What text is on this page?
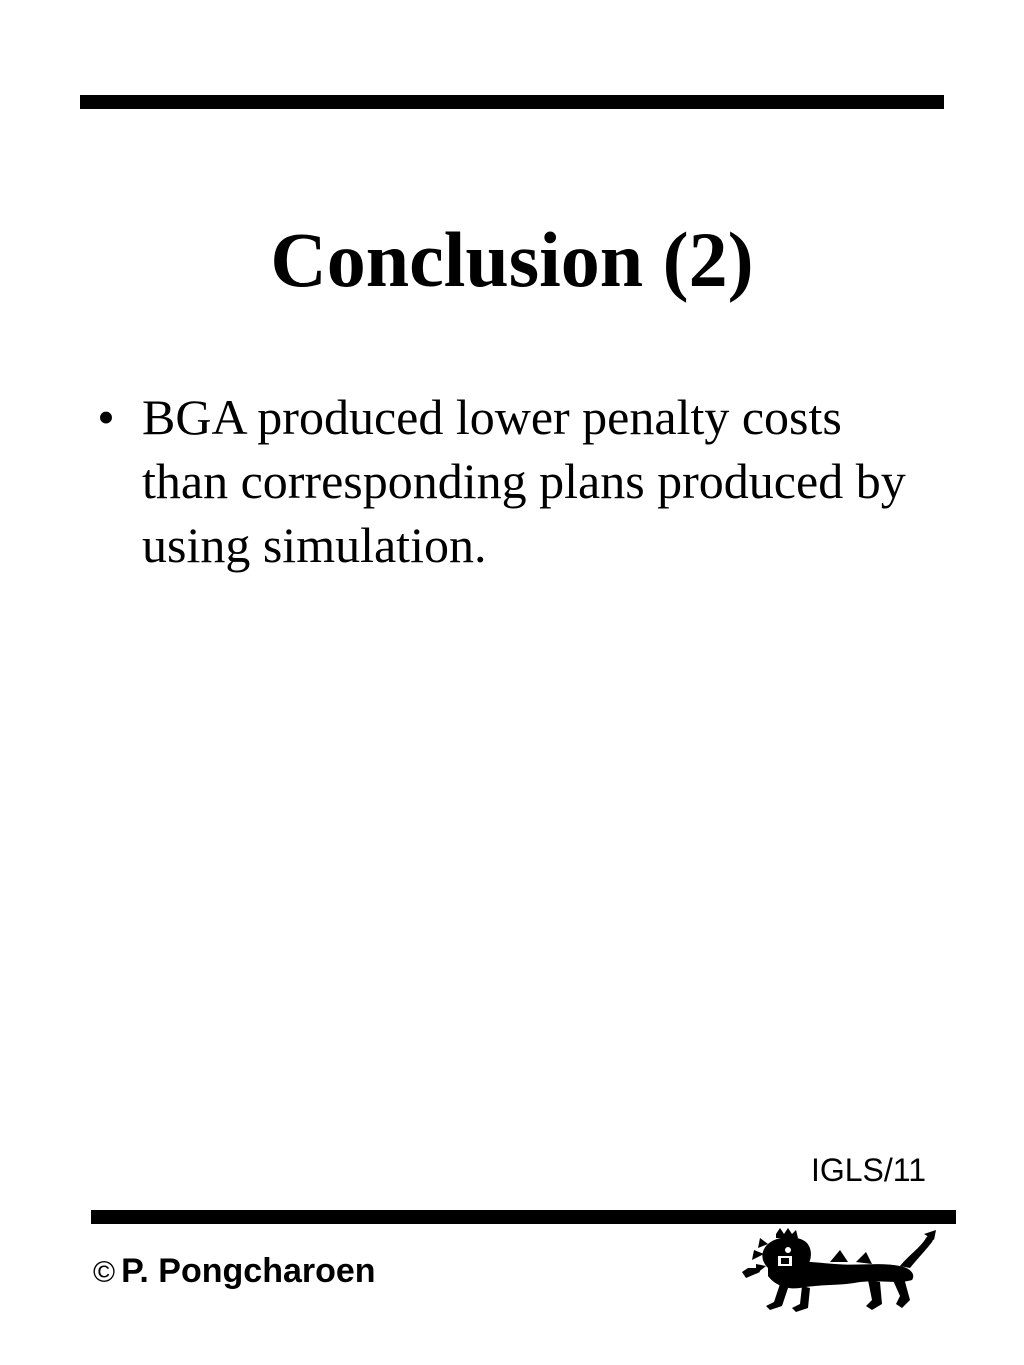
Conclusion (2)
• BGA produced lower penalty costs than corresponding plans produced by using simulation.
IGLS/11
© P. Pongcharoen
